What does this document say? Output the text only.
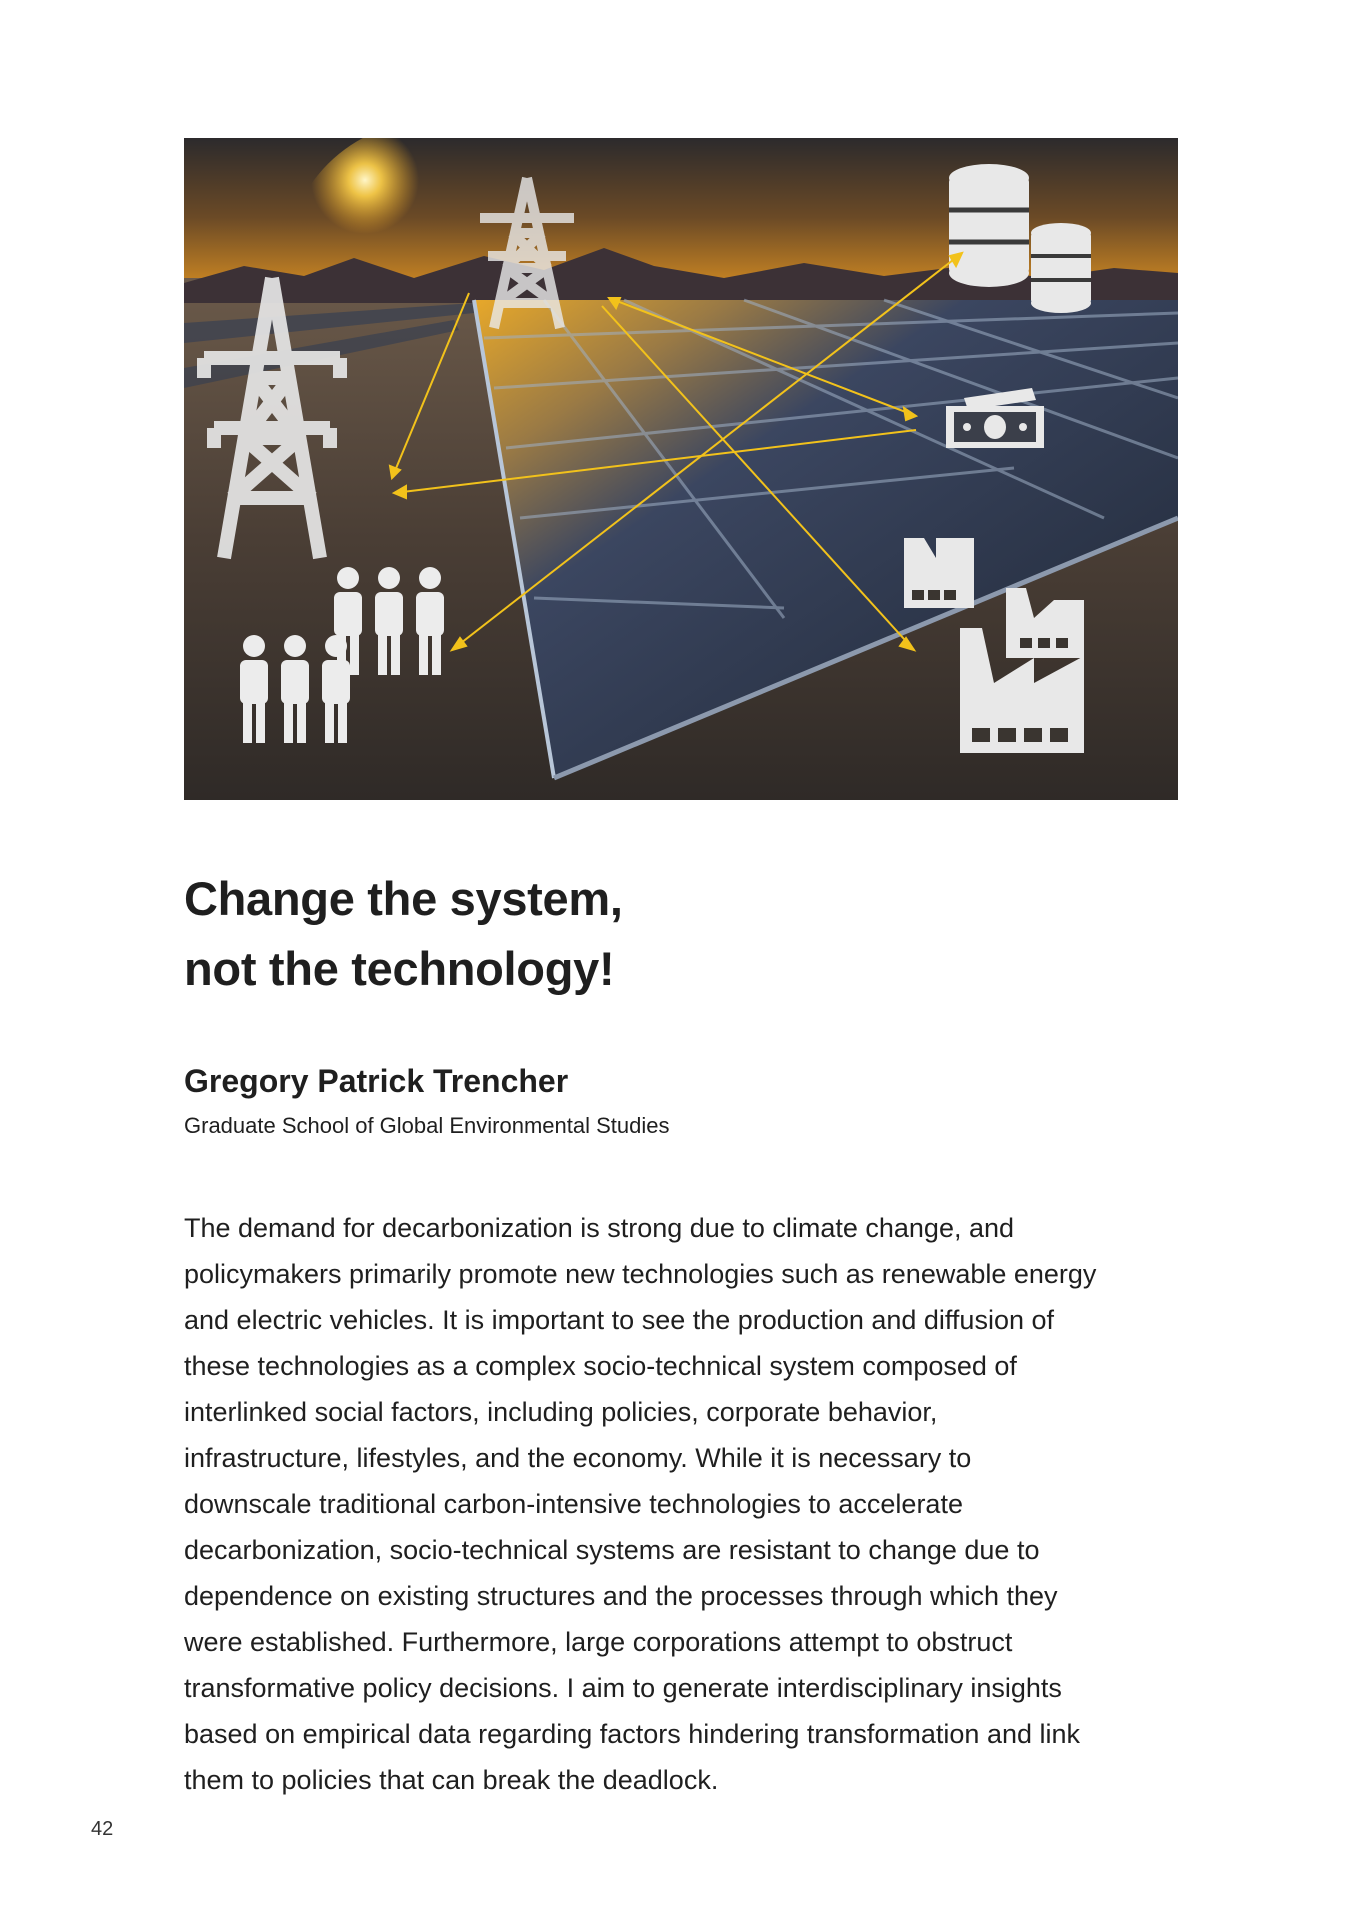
Change the system,
not the technology!

Gregory Patrick Trencher

Graduate School of Global Environmental Studies

The demand for decarbonization is strong due to climate change, and
policymakers primarily promote new technologies such as renewable energy
and electric vehicles. It is important to see the production and diffusion of
these technologies as a complex socio-technical system composed of
interlinked social factors, including policies, corporate behavior,
infrastructure, lifestyles, and the economy. While it is necessary to
downscale traditional carbon-intensive technologies to accelerate
decarbonization, socio-technical systems are resistant to change due to
dependence on existing structures and the processes through which they
were established. Furthermore, large corporations attempt to obstruct
transformative policy decisions. I aim to generate interdisciplinary insights
based on empirical data regarding factors hindering transformation and link
them to policies that can break the deadlock.

42
